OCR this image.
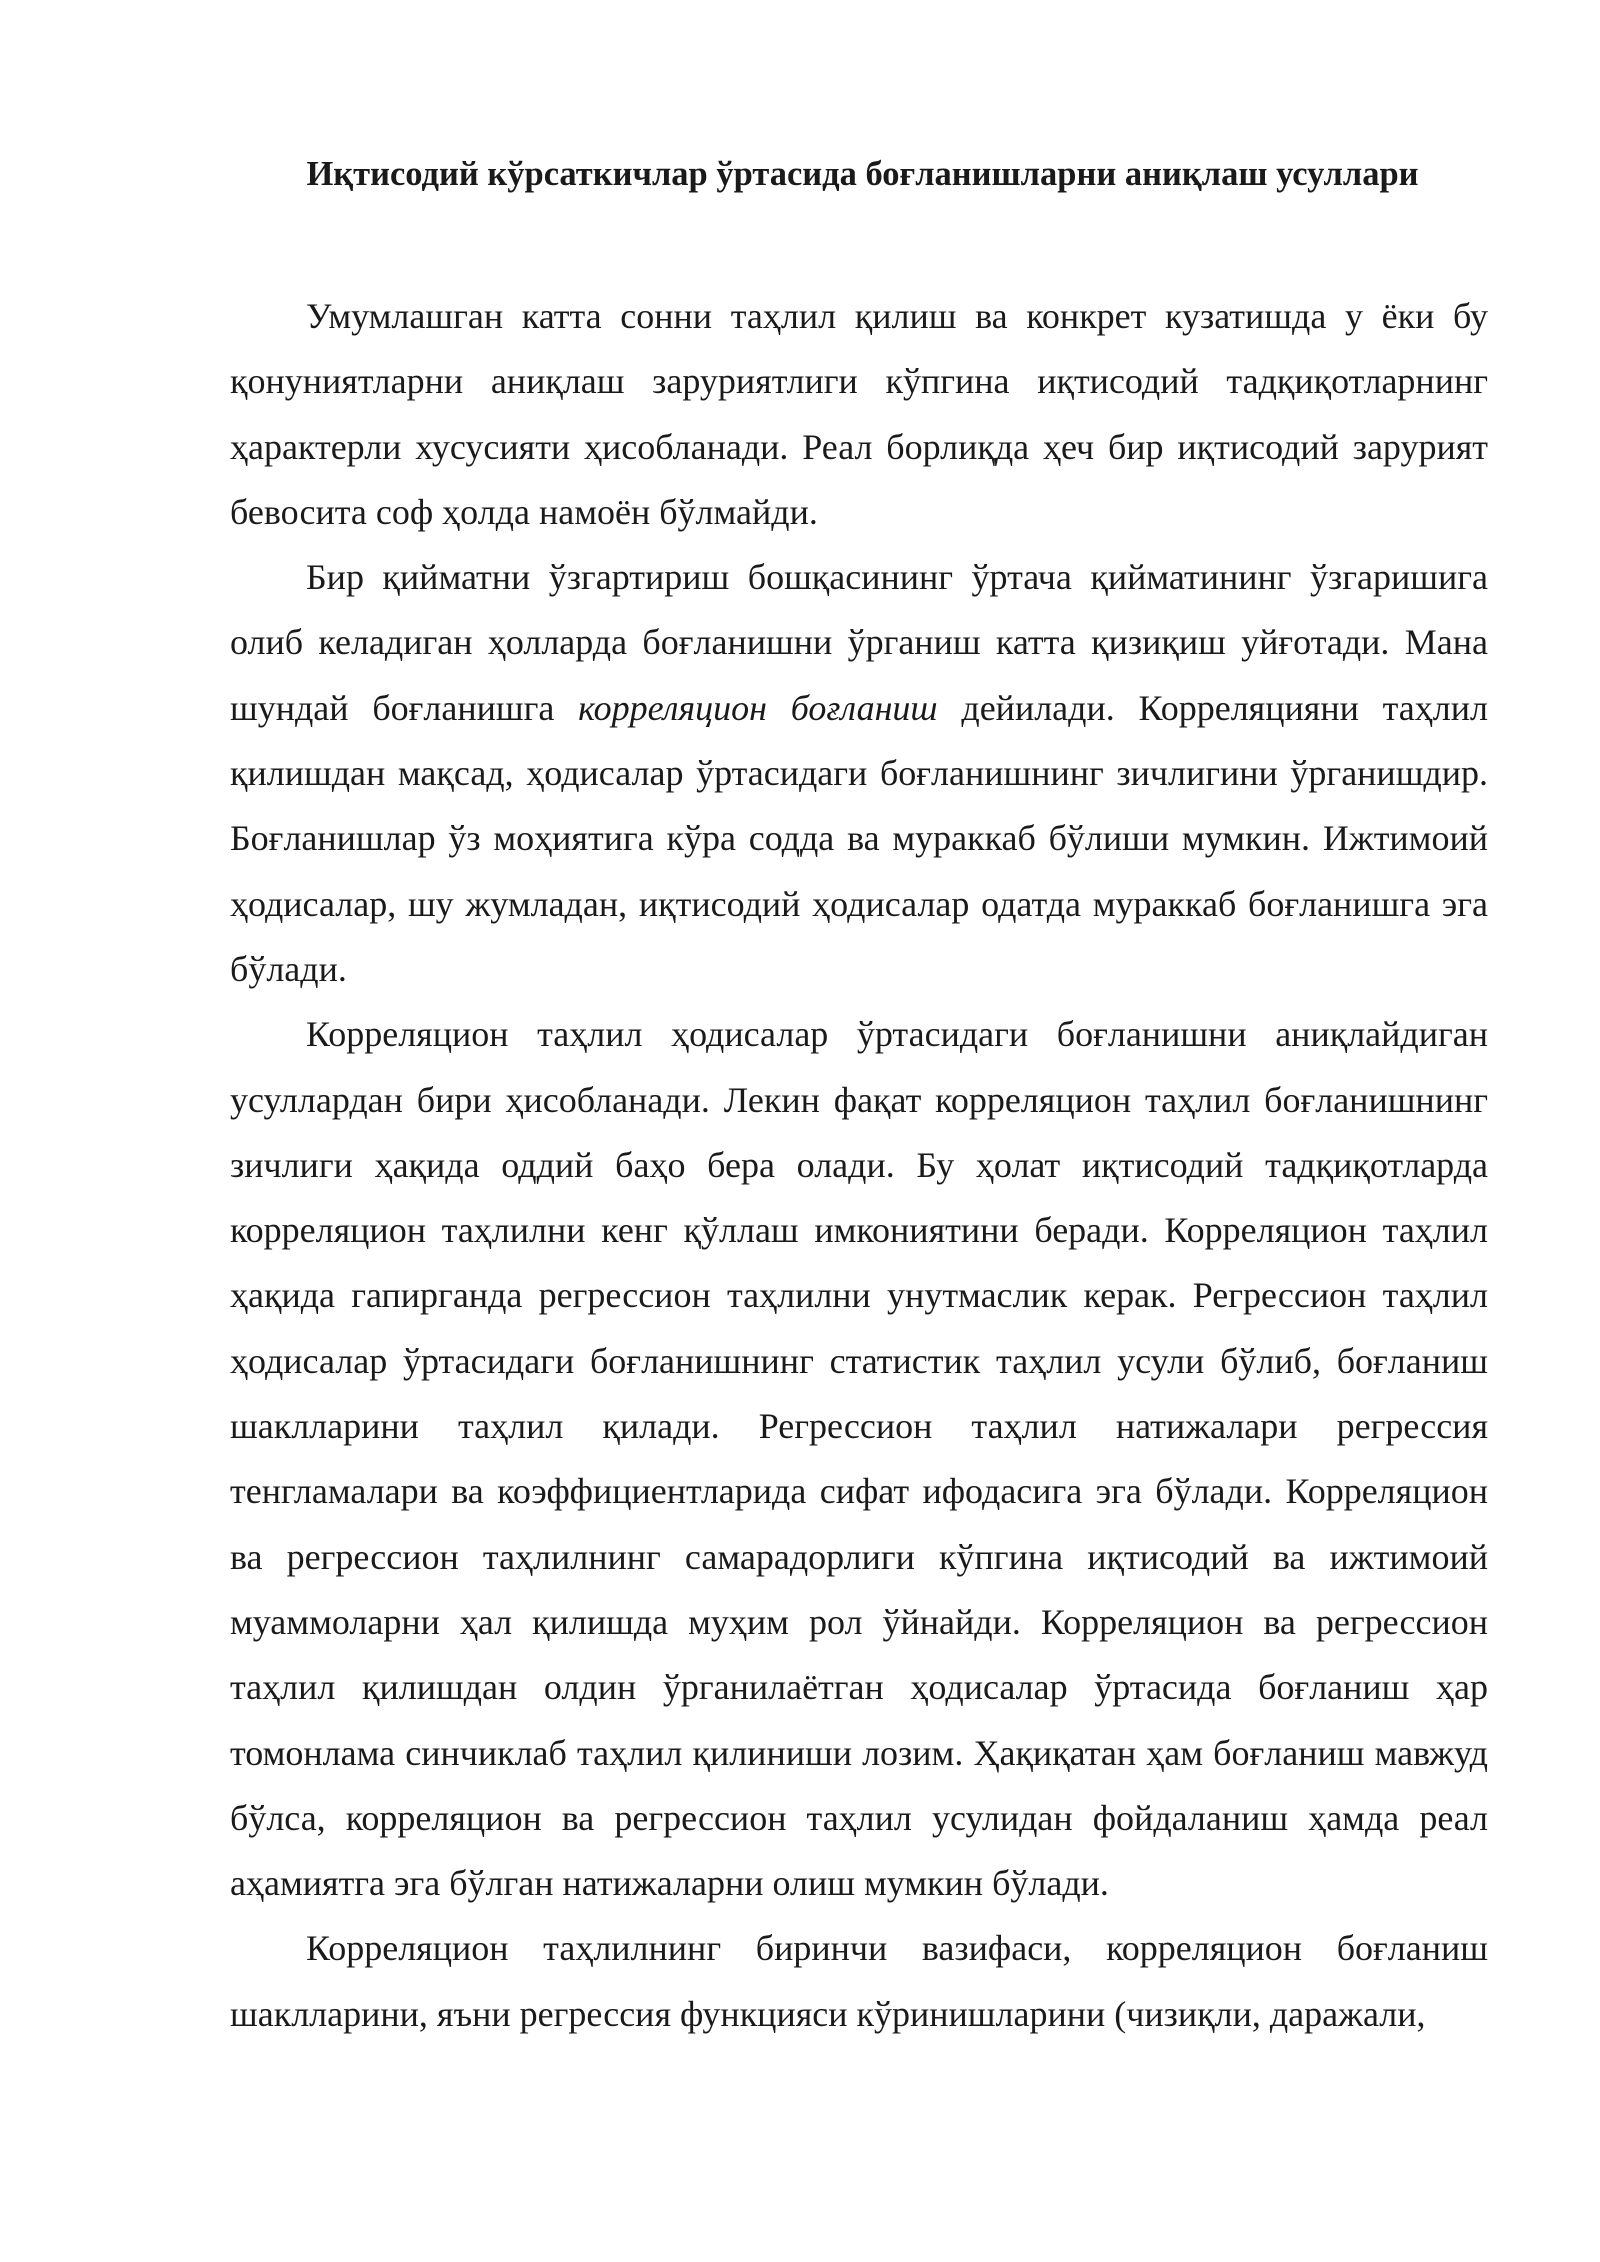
Иқтисодий кўрсаткичлар ўртасида боғланишларни аниқлаш усуллари

Умумлашган катта сонни таҳлил қилиш ва конкрет кузатишда у ёки бу қонуниятларни аниқлаш заруриятлиги кўпгина иқтисодий тадқиқотларнинг ҳарактерли хусусияти ҳисобланади. Реал борлиқда ҳеч бир иқтисодий зарурият бевосита соф ҳолда намоён бўлмайди.

Бир қийматни ўзгартириш бошқасининг ўртача қийматининг ўзгаришига олиб келадиган ҳолларда боғланишни ўрганиш катта қизиқиш уйғотади. Мана шундай боғланишга корреляцион боғланиш дейилади. Корреляцияни таҳлил қилишдан мақсад, ҳодисалар ўртасидаги боғланишнинг зичлигини ўрганишдир. Боғланишлар ўз моҳиятига кўра содда ва мураккаб бўлиши мумкин. Ижтимоий ҳодисалар, шу жумладан, иқтисодий ҳодисалар одатда мураккаб боғланишга эга бўлади.

Корреляцион таҳлил ҳодисалар ўртасидаги боғланишни аниқлайдиган усуллардан бири ҳисобланади. Лекин фақат корреляцион таҳлил боғланишнинг зичлиги ҳақида оддий баҳо бера олади. Бу ҳолат иқтисодий тадқиқотларда корреляцион таҳлилни кенг қўллаш имкониятини беради. Корреляцион таҳлил ҳақида гапирганда регрессион таҳлилни унутмаслик керак. Регрессион таҳлил ҳодисалар ўртасидаги боғланишнинг статистик таҳлил усули бўлиб, боғланиш шаклларини таҳлил қилади. Регрессион таҳлил натижалари регрессия тенгламалари ва коэффициентларида сифат ифодасига эга бўлади. Корреляцион ва регрессион таҳлилнинг самарадорлиги кўпгина иқтисодий ва ижтимоий муаммоларни ҳал қилишда муҳим рол ўйнайди. Корреляцион ва регрессион таҳлил қилишдан олдин ўрганилаётган ҳодисалар ўртасида боғланиш ҳар томонлама синчиклаб таҳлил қилиниши лозим. Ҳақиқатан ҳам боғланиш мавжуд бўлса, корреляцион ва регрессион таҳлил усулидан фойдаланиш ҳамда реал аҳамиятга эга бўлган натижаларни олиш мумкин бўлади.

Корреляцион таҳлилнинг биринчи вазифаси, корреляцион боғланиш шаклларини, яъни регрессия функцияси кўринишларини (чизиқли, даражали,
